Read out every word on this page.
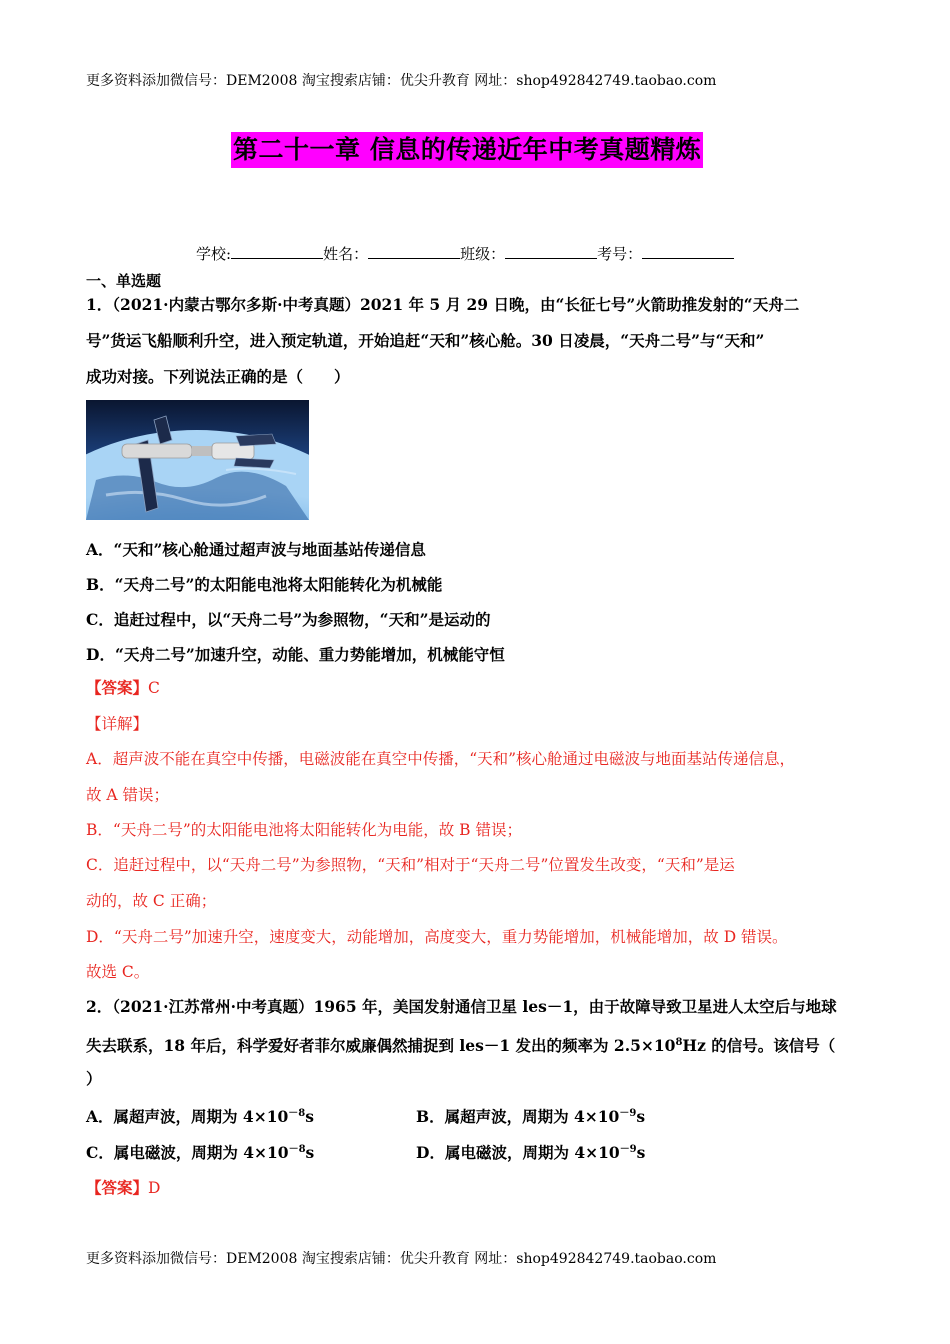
更多资料添加微信号：DEM2008 淘宝搜索店铺：优尖升教育 网址：shop492842749.taobao.com
第二十一章 信息的传递近年中考真题精炼
学校:	姓名：	班级：	考号：
一、单选题
1．（2021·内蒙古鄂尔多斯·中考真题）2021 年 5 月 29 日晚，由“长征七号”火箭助推发射的“天舟二
号”货运飞船顺利升空，进入预定轨道，开始追赶“天和”核心舱。30 日凌晨，“天舟二号”与“天和”
成功对接。下列说法正确的是（　　）
A．“天和”核心舱通过超声波与地面基站传递信息
B．“天舟二号”的太阳能电池将太阳能转化为机械能
C．追赶过程中，以“天舟二号”为参照物，“天和”是运动的
D．“天舟二号”加速升空，动能、重力势能增加，机械能守恒
【答案】C
【详解】
A．超声波不能在真空中传播，电磁波能在真空中传播，“天和”核心舱通过电磁波与地面基站传递信息，
故 A 错误；
B．“天舟二号”的太阳能电池将太阳能转化为电能，故 B 错误；
C．追赶过程中，以“天舟二号”为参照物，“天和”相对于“天舟二号”位置发生改变，“天和”是运
动的，故 C 正确；
D．“天舟二号”加速升空，速度变大，动能增加，高度变大，重力势能增加，机械能增加，故 D 错误。
故选 C。
2．（2021·江苏常州·中考真题）1965 年，美国发射通信卫星 les－1，由于故障导致卫星进人太空后与地球
失去联系，18 年后，科学爱好者菲尔威廉偶然捕捉到 les－1 发出的频率为 $2.5\times 10^8Hz$ 的信号。该信号（
）
A．属超声波，周期为 $4\times 10^{-8}s$	B．属超声波，周期为 $4\times 10^{-9}s$
C．属电磁波，周期为 $4\times 10^{-8}s$	D．属电磁波，周期为 $4\times 10^{-9}s$
【答案】D
更多资料添加微信号：DEM2008 淘宝搜索店铺：优尖升教育 网址：shop492842749.taobao.com
